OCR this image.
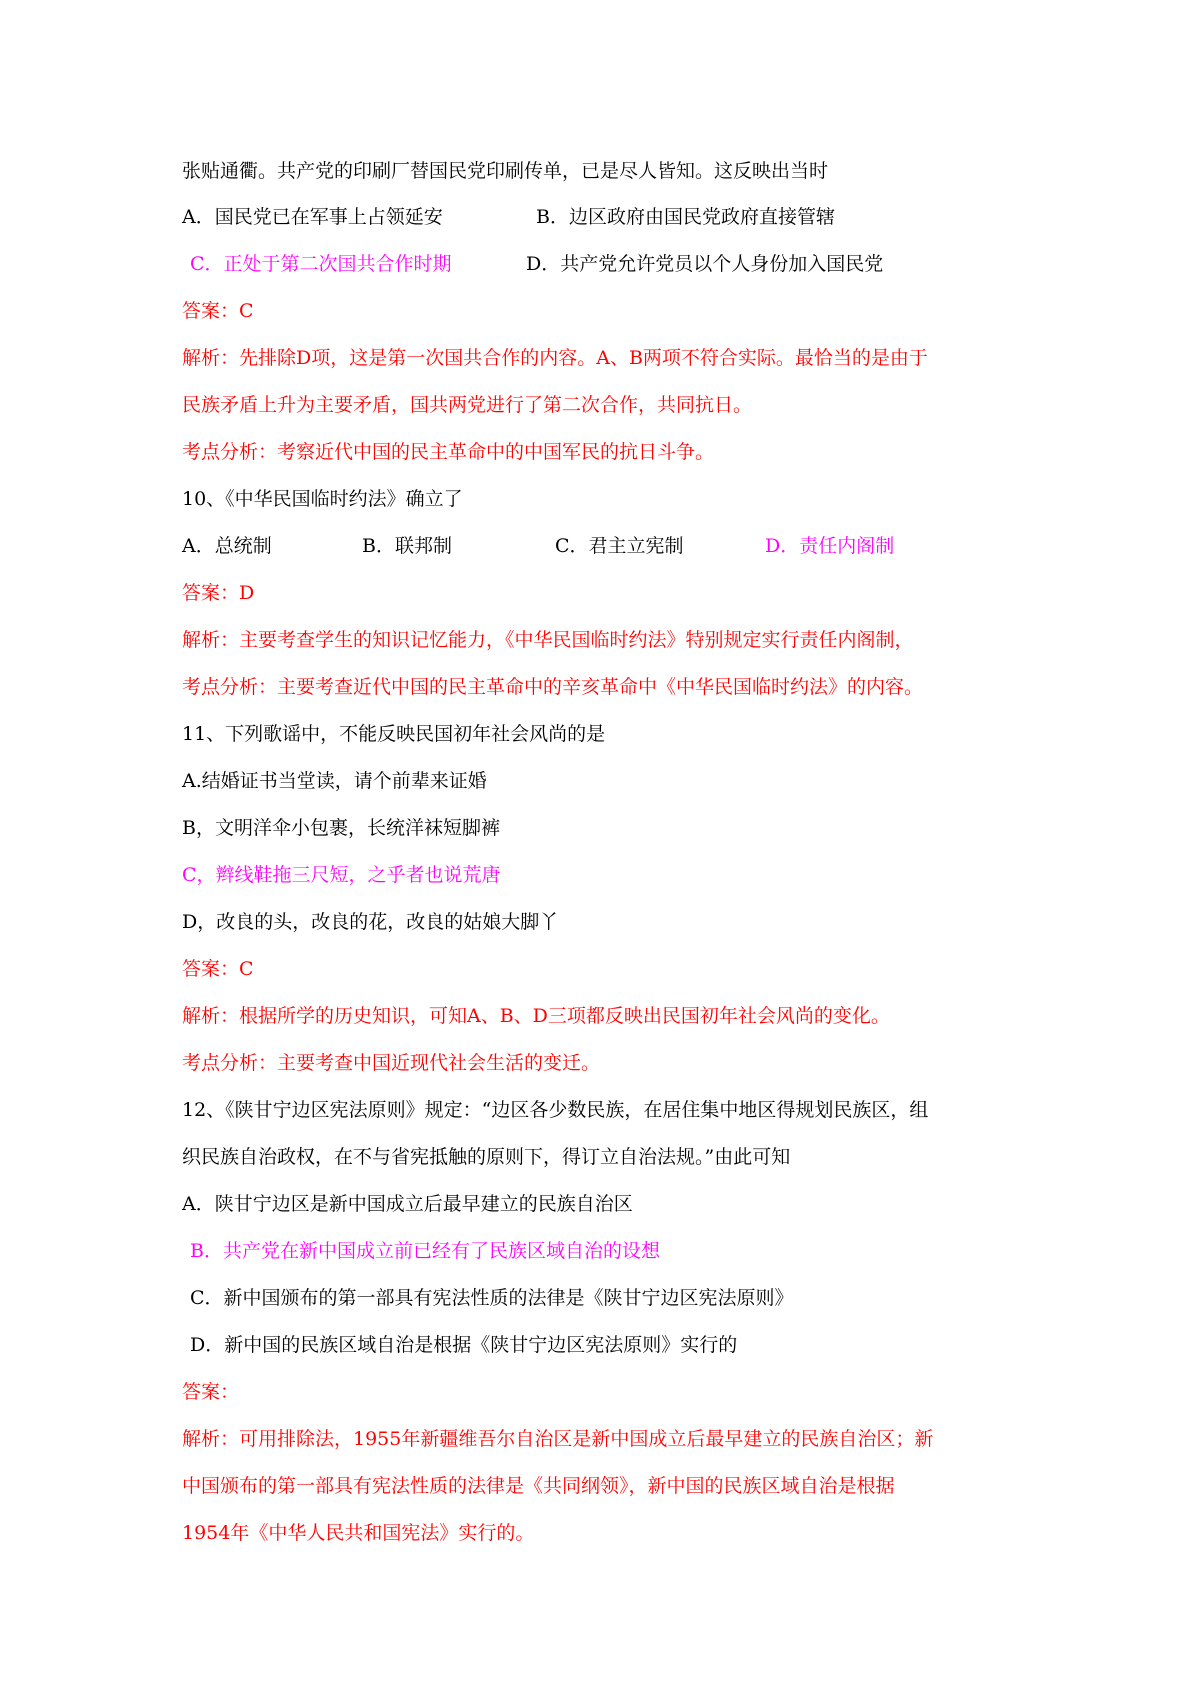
张贴通衢。共产党的印刷厂替国民党印刷传单，已是尽人皆知。这反映出当时
A．国民党已在军事上占领延安	B．边区政府由国民党政府直接管辖
C．正处于第二次国共合作时期	D．共产党允许党员以个人身份加入国民党
答案：C
解析：先排除D项，这是第一次国共合作的内容。A、B两项不符合实际。最恰当的是由于
民族矛盾上升为主要矛盾，国共两党进行了第二次合作，共同抗日。
考点分析：考察近代中国的民主革命中的中国军民的抗日斗争。
10、《中华民国临时约法》确立了
A．总统制	B．联邦制	C．君主立宪制	D．责任内阁制
答案：D
解析：主要考查学生的知识记忆能力，《中华民国临时约法》特别规定实行责任内阁制，
考点分析：主要考查近代中国的民主革命中的辛亥革命中《中华民国临时约法》的内容。
11、下列歌谣中，不能反映民国初年社会风尚的是
A.结婚证书当堂读，请个前辈来证婚
B，文明洋伞小包裹，长统洋袜短脚裤
C，辫线鞋拖三尺短，之乎者也说荒唐
D，改良的头，改良的花，改良的姑娘大脚丫
答案：C
解析：根据所学的历史知识，可知A、B、D三项都反映出民国初年社会风尚的变化。
考点分析：主要考查中国近现代社会生活的变迁。
12、《陕甘宁边区宪法原则》规定：“边区各少数民族，在居住集中地区得规划民族区，组
织民族自治政权，在不与省宪抵触的原则下，得订立自治法规。”由此可知
A．陕甘宁边区是新中国成立后最早建立的民族自治区
B．共产党在新中国成立前已经有了民族区域自治的设想
C．新中国颁布的第一部具有宪法性质的法律是《陕甘宁边区宪法原则》
D．新中国的民族区域自治是根据《陕甘宁边区宪法原则》实行的
答案：
解析：可用排除法，1955年新疆维吾尔自治区是新中国成立后最早建立的民族自治区；新
中国颁布的第一部具有宪法性质的法律是《共同纲领》，新中国的民族区域自治是根据
1954年《中华人民共和国宪法》实行的。
